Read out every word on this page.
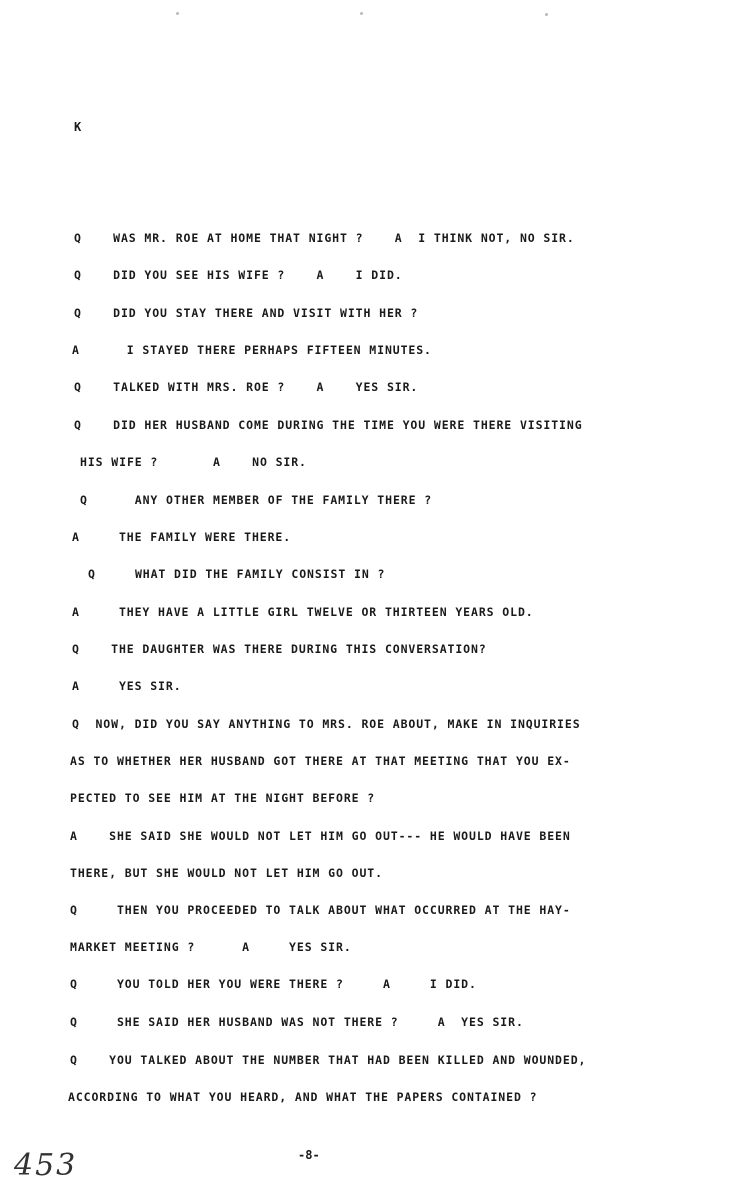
K
Q    WAS MR. ROE AT HOME THAT NIGHT ?    A  I THINK NOT, NO SIR.
Q    DID YOU SEE HIS WIFE ?    A    I DID.
Q    DID YOU STAY THERE AND VISIT WITH HER ?
A      I STAYED THERE PERHAPS FIFTEEN MINUTES.
Q    TALKED WITH MRS. ROE ?    A    YES SIR.
Q    DID HER HUSBAND COME DURING THE TIME YOU WERE THERE VISITING
HIS WIFE ?       A    NO SIR.
Q      ANY OTHER MEMBER OF THE FAMILY THERE ?
A     THE FAMILY WERE THERE.
Q     WHAT DID THE FAMILY CONSIST IN ?
A     THEY HAVE A LITTLE GIRL TWELVE OR THIRTEEN YEARS OLD.
Q    THE DAUGHTER WAS THERE DURING THIS CONVERSATION?
A     YES SIR.
Q  NOW, DID YOU SAY ANYTHING TO MRS. ROE ABOUT, MAKE IN INQUIRIES
AS TO WHETHER HER HUSBAND GOT THERE AT THAT MEETING THAT YOU EX-
PECTED TO SEE HIM AT THE NIGHT BEFORE ?
A    SHE SAID SHE WOULD NOT LET HIM GO OUT--- HE WOULD HAVE BEEN
THERE, BUT SHE WOULD NOT LET HIM GO OUT.
Q     THEN YOU PROCEEDED TO TALK ABOUT WHAT OCCURRED AT THE HAY-
MARKET MEETING ?      A     YES SIR.
Q     YOU TOLD HER YOU WERE THERE ?     A     I DID.
Q     SHE SAID HER HUSBAND WAS NOT THERE ?     A  YES SIR.
Q    YOU TALKED ABOUT THE NUMBER THAT HAD BEEN KILLED AND WOUNDED,
ACCORDING TO WHAT YOU HEARD, AND WHAT THE PAPERS CONTAINED ?
-8-
453
